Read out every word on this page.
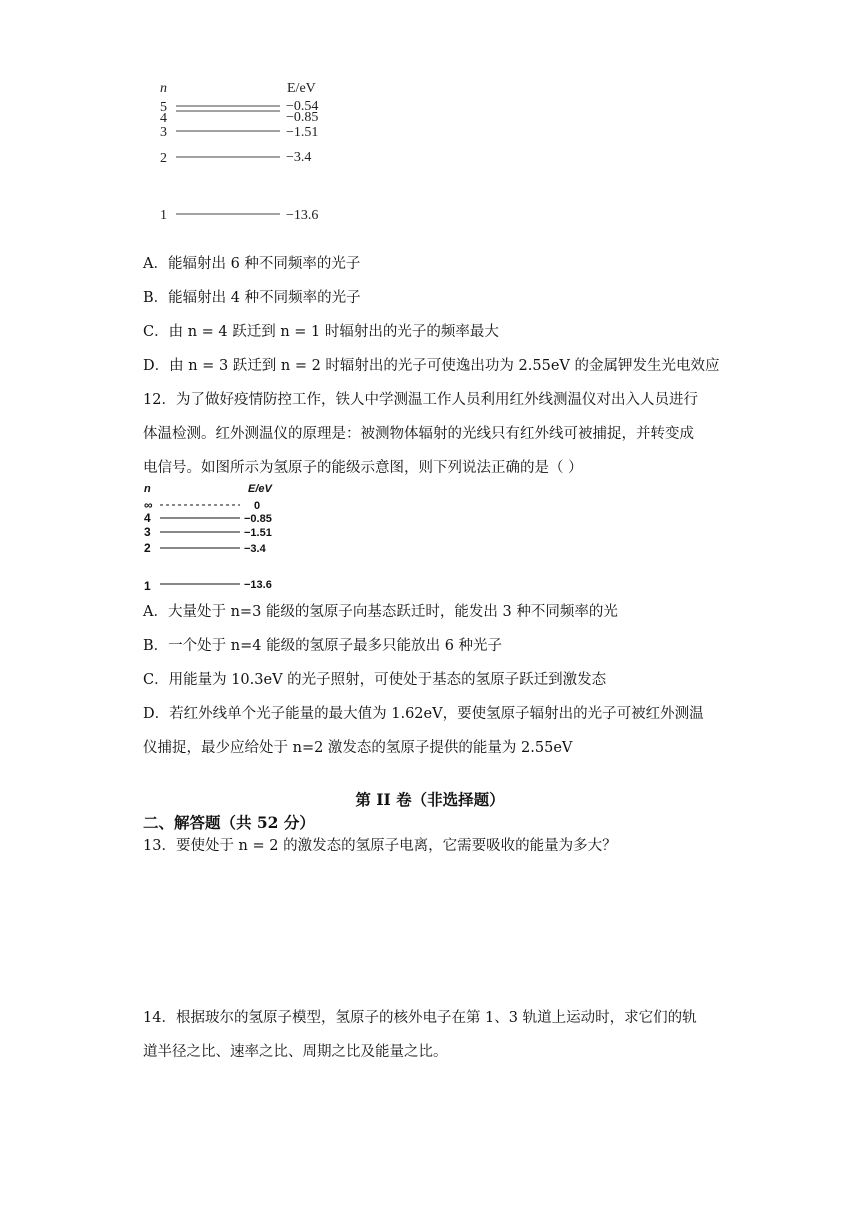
n	E/eV
5
4
3
2
1
−0.54
−0.85
−1.51
−3.4
−13.6
A．能辐射出 6 种不同频率的光子
B．能辐射出 4 种不同频率的光子
C．由 n = 4 跃迁到 n = 1 时辐射出的光子的频率最大
D．由 n = 3 跃迁到 n = 2 时辐射出的光子可使逸出功为 2.55eV 的金属钾发生光电效应
12．为了做好疫情防控工作，铁人中学测温工作人员利用红外线测温仪对出入人员进行
体温检测。红外测温仪的原理是：被测物体辐射的光线只有红外线可被捕捉，并转变成
电信号。如图所示为氢原子的能级示意图，则下列说法正确的是（ ）
n	E/eV
∞
4
3
2
1
0
−0.85
−1.51
−3.4
−13.6
A．大量处于 n=3 能级的氢原子向基态跃迁时，能发出 3 种不同频率的光
B．一个处于 n=4 能级的氢原子最多只能放出 6 种光子
C．用能量为 10.3eV 的光子照射，可使处于基态的氢原子跃迁到激发态
D．若红外线单个光子能量的最大值为 1.62eV，要使氢原子辐射出的光子可被红外测温
仪捕捉，最少应给处于 n=2 激发态的氢原子提供的能量为 2.55eV
第 II 卷（非选择题）
二、解答题（共 52 分）
13．要使处于 n = 2 的激发态的氢原子电离，它需要吸收的能量为多大？
14．根据玻尔的氢原子模型，氢原子的核外电子在第 1、3 轨道上运动时，求它们的轨
道半径之比、速率之比、周期之比及能量之比。
